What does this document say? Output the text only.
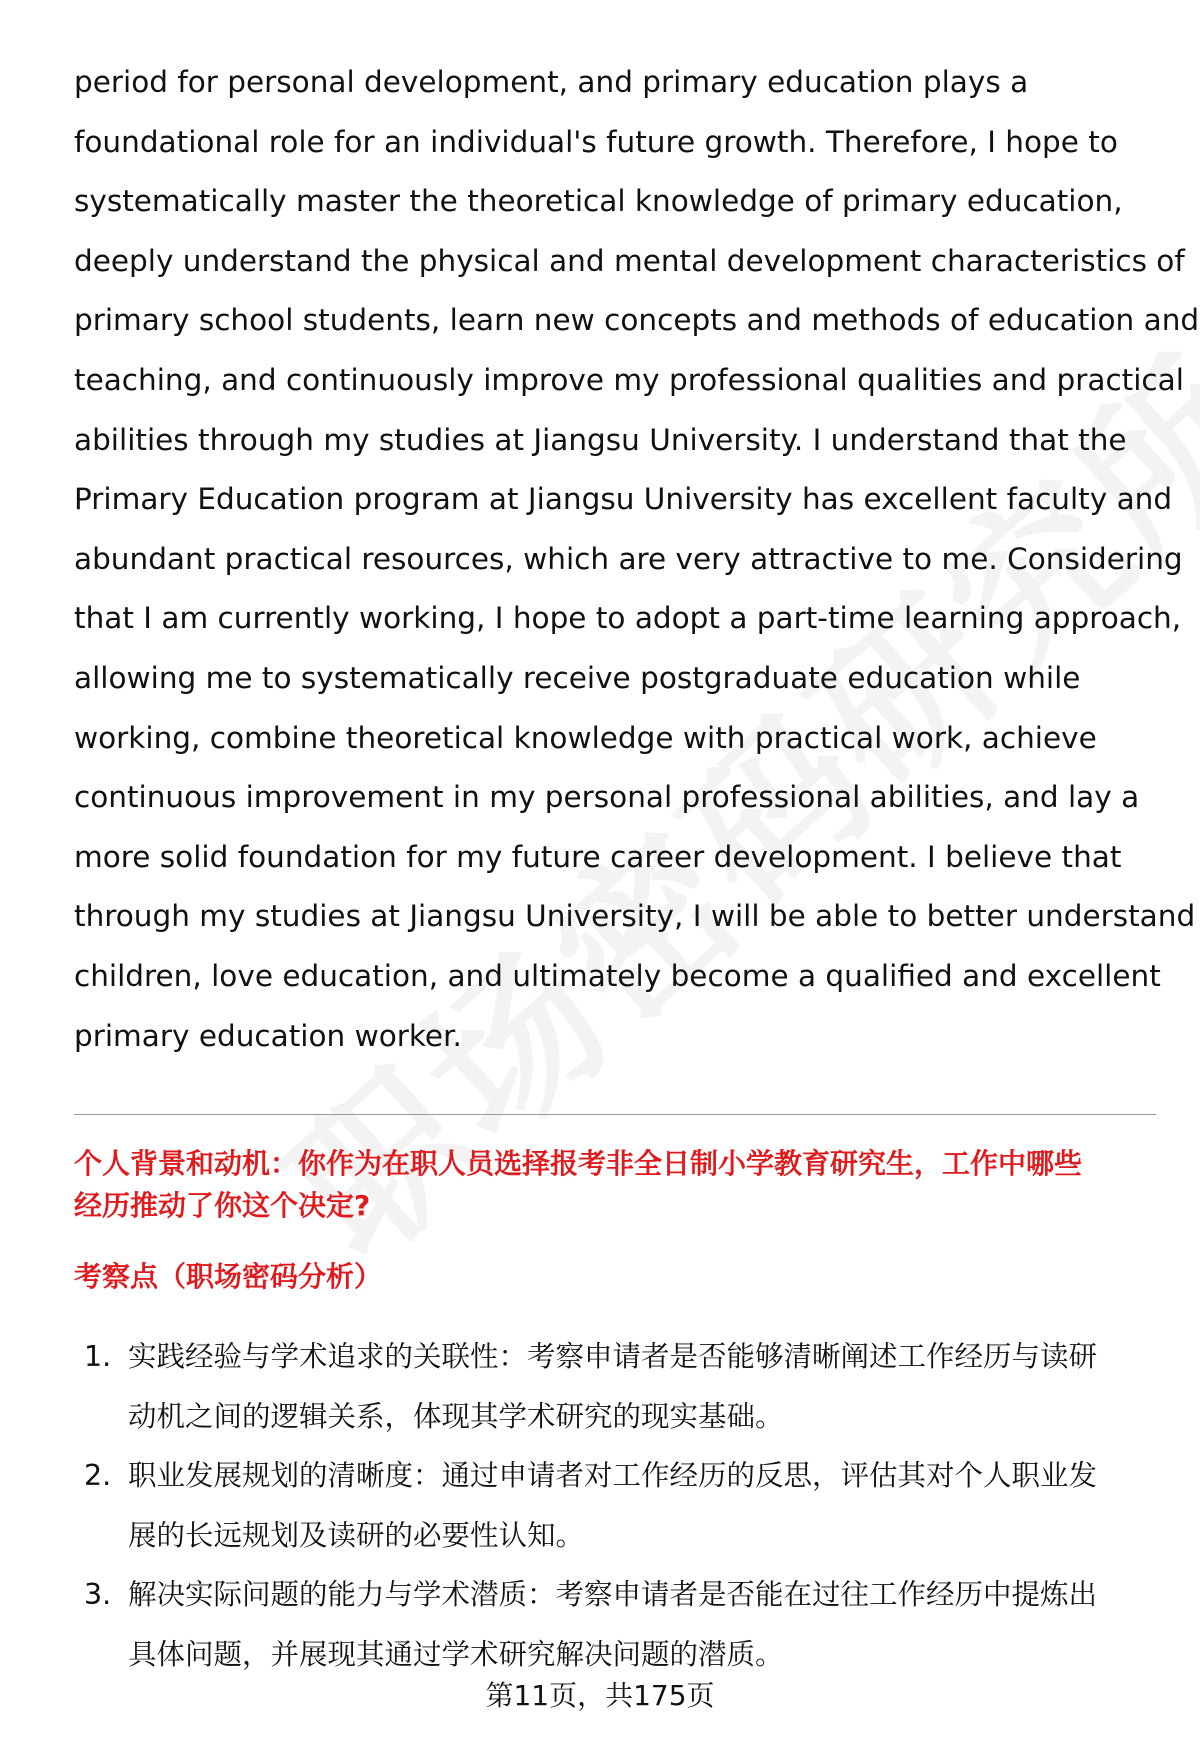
period for personal development, and primary education plays a
foundational role for an individual's future growth. Therefore, I hope to
systematically master the theoretical knowledge of primary education,
deeply understand the physical and mental development characteristics of
primary school students, learn new concepts and methods of education and
teaching, and continuously improve my professional qualities and practical
abilities through my studies at Jiangsu University. I understand that the
Primary Education program at Jiangsu University has excellent faculty and
abundant practical resources, which are very attractive to me. Considering
that I am currently working, I hope to adopt a part-time learning approach,
allowing me to systematically receive postgraduate education while
working, combine theoretical knowledge with practical work, achieve
continuous improvement in my personal professional abilities, and lay a
more solid foundation for my future career development. I believe that
through my studies at Jiangsu University, I will be able to better understand
children, love education, and ultimately become a qualified and excellent
primary education worker.
个人背景和动机：你作为在职人员选择报考非全日制小学教育研究生，工作中哪些
经历推动了你这个决定?
考察点（职场密码分析）
1. 实践经验与学术追求的关联性：考察申请者是否能够清晰阐述工作经历与读研
动机之间的逻辑关系，体现其学术研究的现实基础。
2. 职业发展规划的清晰度：通过申请者对工作经历的反思，评估其对个人职业发
展的长远规划及读研的必要性认知。
3. 解决实际问题的能力与学术潜质：考察申请者是否能在过往工作经历中提炼出
具体问题，并展现其通过学术研究解决问题的潜质。

第11页，共175页
